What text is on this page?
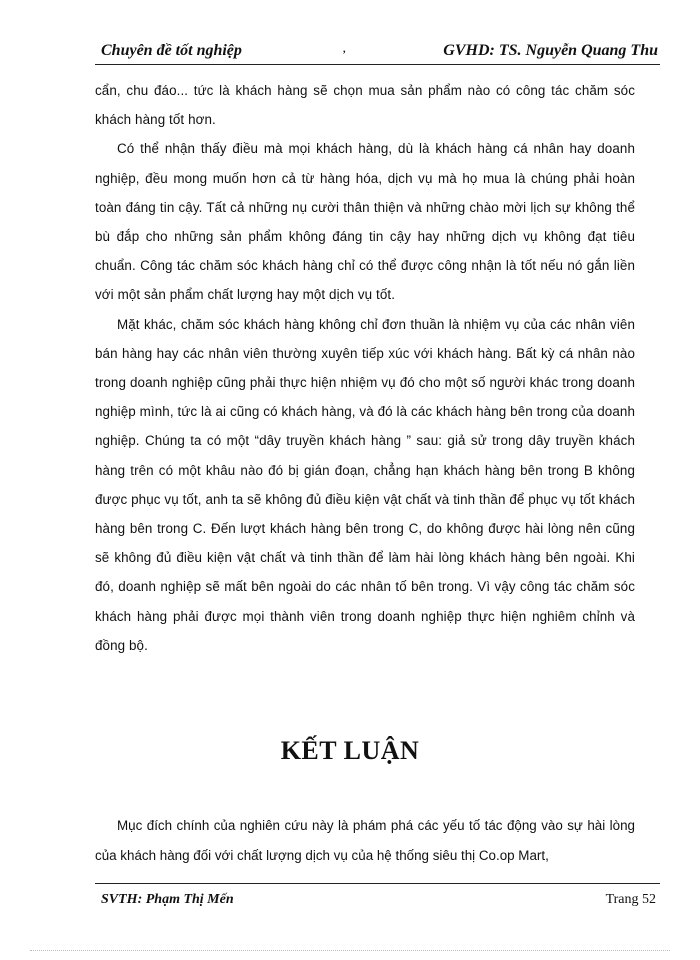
Chuyên đề tốt nghiệp	,	GVHD: TS. Nguyễn Quang Thu

cẩn, chu đáo... tức là khách hàng sẽ chọn mua sản phẩm nào có công tác chăm sóc khách hàng tốt hơn.

Có thể nhận thấy điều mà mọi khách hàng, dù là khách hàng cá nhân hay doanh nghiệp, đều mong muốn hơn cả từ hàng hóa, dịch vụ mà họ mua là chúng phải hoàn toàn đáng tin cậy. Tất cả những nụ cười thân thiện và những chào mời lịch sự không thể bù đắp cho những sản phẩm không đáng tin cậy hay những dịch vụ không đạt tiêu chuẩn. Công tác chăm sóc khách hàng chỉ có thể được công nhận là tốt nếu nó gắn liền với một sản phẩm chất lượng hay một dịch vụ tốt.

Mặt khác, chăm sóc khách hàng không chỉ đơn thuần là nhiệm vụ của các nhân viên bán hàng hay các nhân viên thường xuyên tiếp xúc với khách hàng. Bất kỳ cá nhân nào trong doanh nghiệp cũng phải thực hiện nhiệm vụ đó cho một số người khác trong doanh nghiệp mình, tức là ai cũng có khách hàng, và đó là các khách hàng bên trong của doanh nghiệp. Chúng ta có một “dây truyền khách hàng ” sau: giả sử trong dây truyền khách hàng trên có một khâu nào đó bị gián đoạn, chẳng hạn khách hàng bên trong B không được phục vụ tốt, anh ta sẽ không đủ điều kiện vật chất và tinh thần để phục vụ tốt khách hàng bên trong C. Đến lượt khách hàng bên trong C, do không được hài lòng nên cũng sẽ không đủ điều kiện vật chất và tinh thần để làm hài lòng khách hàng bên ngoài. Khi đó, doanh nghiệp sẽ mất bên ngoài do các nhân tố bên trong. Vì vậy công tác chăm sóc khách hàng phải được mọi thành viên trong doanh nghiệp thực hiện nghiêm chỉnh và đồng bộ.

KẾT LUẬN

Mục đích chính của nghiên cứu này là phám phá các yếu tố tác động vào sự hài lòng của khách hàng đối với chất lượng dịch vụ của hệ thống siêu thị Co.op Mart,

SVTH: Phạm Thị Mến	Trang 52
